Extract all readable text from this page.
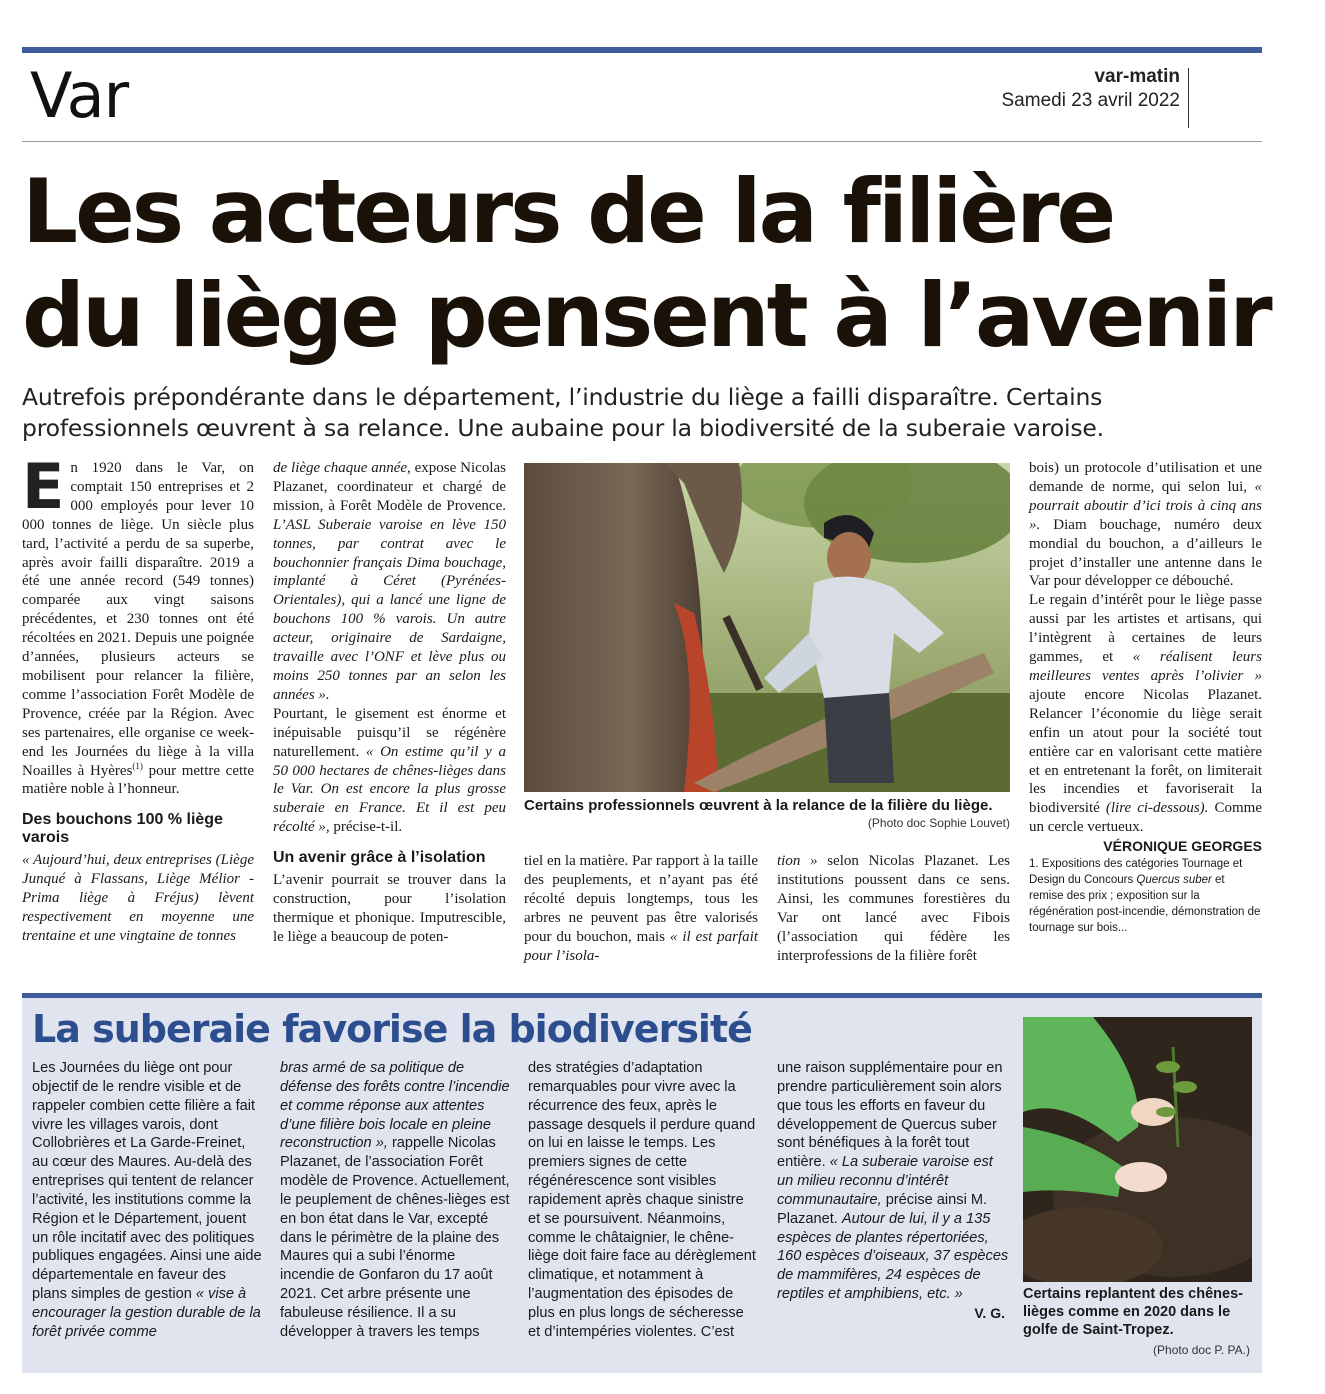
Var	var-matin
Samedi 23 avril 2022
Les acteurs de la filière
du liège pensent à l’avenir
Autrefois prépondérante dans le département, l’industrie du liège a failli disparaître. Certains professionnels œuvrent à sa relance. Une aubaine pour la biodiversité de la suberaie varoise.

En 1920 dans le Var, on comptait 150 entreprises et 2 000 employés pour lever 10 000 tonnes de liège. Un siècle plus tard, l’activité a perdu de sa superbe, après avoir failli disparaître. 2019 a été une année record (549 tonnes) comparée aux vingt saisons précédentes, et 230 tonnes ont été récoltées en 2021. Depuis une poignée d’années, plusieurs acteurs se mobilisent pour relancer la filière, comme l’association Forêt Modèle de Provence, créée par la Région. Avec ses partenaires, elle organise ce week-end les Journées du liège à la villa Noailles à Hyères$^{(1)}$ pour mettre cette matière noble à l’honneur.

Des bouchons 100 % liège varois

« Aujourd’hui, deux entreprises (Liège Junqué à Flassans, Liège Mélior - Prima liège à Fréjus) lèvent respectivement en moyenne une trentaine et une vingtaine de tonnes

de liège chaque année, expose Nicolas Plazanet, coordinateur et chargé de mission, à Forêt Modèle de Provence. L’ASL Suberaie varoise en lève 150 tonnes, par contrat avec le bouchonnier français Dima bouchage, implanté à Céret (Pyrénées-Orientales), qui a lancé une ligne de bouchons 100 % varois. Un autre acteur, originaire de Sardaigne, travaille avec l’ONF et lève plus ou moins 250 tonnes par an selon les années ».

Pourtant, le gisement est énorme et inépuisable puisqu’il se régénère naturellement. « On estime qu’il y a 50 000 hectares de chênes-lièges dans le Var. On est encore la plus grosse suberaie en France. Et il est peu récolté », précise-t-il.

Un avenir grâce à l’isolation

L’avenir pourrait se trouver dans la construction, pour l’isolation thermique et phonique. Imputrescible, le liège a beaucoup de poten-

Certains professionnels œuvrent à la relance de la filière du liège.
(Photo doc Sophie Louvet)

tiel en la matière. Par rapport à la taille des peuplements, et n’ayant pas été récolté depuis longtemps, tous les arbres ne peuvent pas être valorisés pour du bouchon, mais « il est parfait pour l’isola-

tion » selon Nicolas Plazanet. Les institutions poussent dans ce sens. Ainsi, les communes forestières du Var ont lancé avec Fibois (l’association qui fédère les interprofessions de la filière forêt

bois) un protocole d’utilisation et une demande de norme, qui selon lui, « pourrait aboutir d’ici trois à cinq ans ». Diam bouchage, numéro deux mondial du bouchon, a d’ailleurs le projet d’installer une antenne dans le Var pour développer ce débouché.

Le regain d’intérêt pour le liège passe aussi par les artistes et artisans, qui l’intègrent à certaines de leurs gammes, et « réalisent leurs meilleures ventes après l’olivier » ajoute encore Nicolas Plazanet. Relancer l’économie du liège serait enfin un atout pour la société tout entière car en valorisant cette matière et en entretenant la forêt, on limiterait les incendies et favoriserait la biodiversité (lire ci-dessous). Comme un cercle vertueux.

VÉRONIQUE GEORGES

1. Expositions des catégories Tournage et Design du Concours Quercus suber et remise des prix ; exposition sur la régénération post-incendie, démonstration de tournage sur bois...

La suberaie favorise la biodiversité
Les Journées du liège ont pour objectif de le rendre visible et de rappeler combien cette filière a fait vivre les villages varois, dont Collobrières et La Garde-Freinet, au cœur des Maures. Au-delà des entreprises qui tentent de relancer l’activité, les institutions comme la Région et le Département, jouent un rôle incitatif avec des politiques publiques engagées. Ainsi une aide départementale en faveur des plans simples de gestion « vise à encourager la gestion durable de la forêt privée comme
bras armé de sa politique de défense des forêts contre l’incendie et comme réponse aux attentes d’une filière bois locale en pleine reconstruction », rappelle Nicolas Plazanet, de l’association Forêt modèle de Provence. Actuellement, le peuplement de chênes-lièges est en bon état dans le Var, excepté dans le périmètre de la plaine des Maures qui a subi l’énorme incendie de Gonfaron du 17 août 2021. Cet arbre présente une fabuleuse résilience. Il a su développer à travers les temps
des stratégies d’adaptation remarquables pour vivre avec la récurrence des feux, après le passage desquels il perdure quand on lui en laisse le temps. Les premiers signes de cette régénérescence sont visibles rapidement après chaque sinistre et se poursuivent. Néanmoins, comme le châtaignier, le chêne-liège doit faire face au dérèglement climatique, et notamment à l’augmentation des épisodes de plus en plus longs de sécheresse et d’intempéries violentes. C’est
une raison supplémentaire pour en prendre particulièrement soin alors que tous les efforts en faveur du développement de Quercus suber sont bénéfiques à la forêt tout entière. « La suberaie varoise est un milieu reconnu d’intérêt communautaire, précise ainsi M. Plazanet. Autour de lui, il y a 135 espèces de plantes répertoriées, 160 espèces d’oiseaux, 37 espèces de mammifères, 24 espèces de reptiles et amphibiens, etc. »
V. G.
Certains replantent des chênes-lièges comme en 2020 dans le golfe de Saint-Tropez.
(Photo doc P. PA.)
